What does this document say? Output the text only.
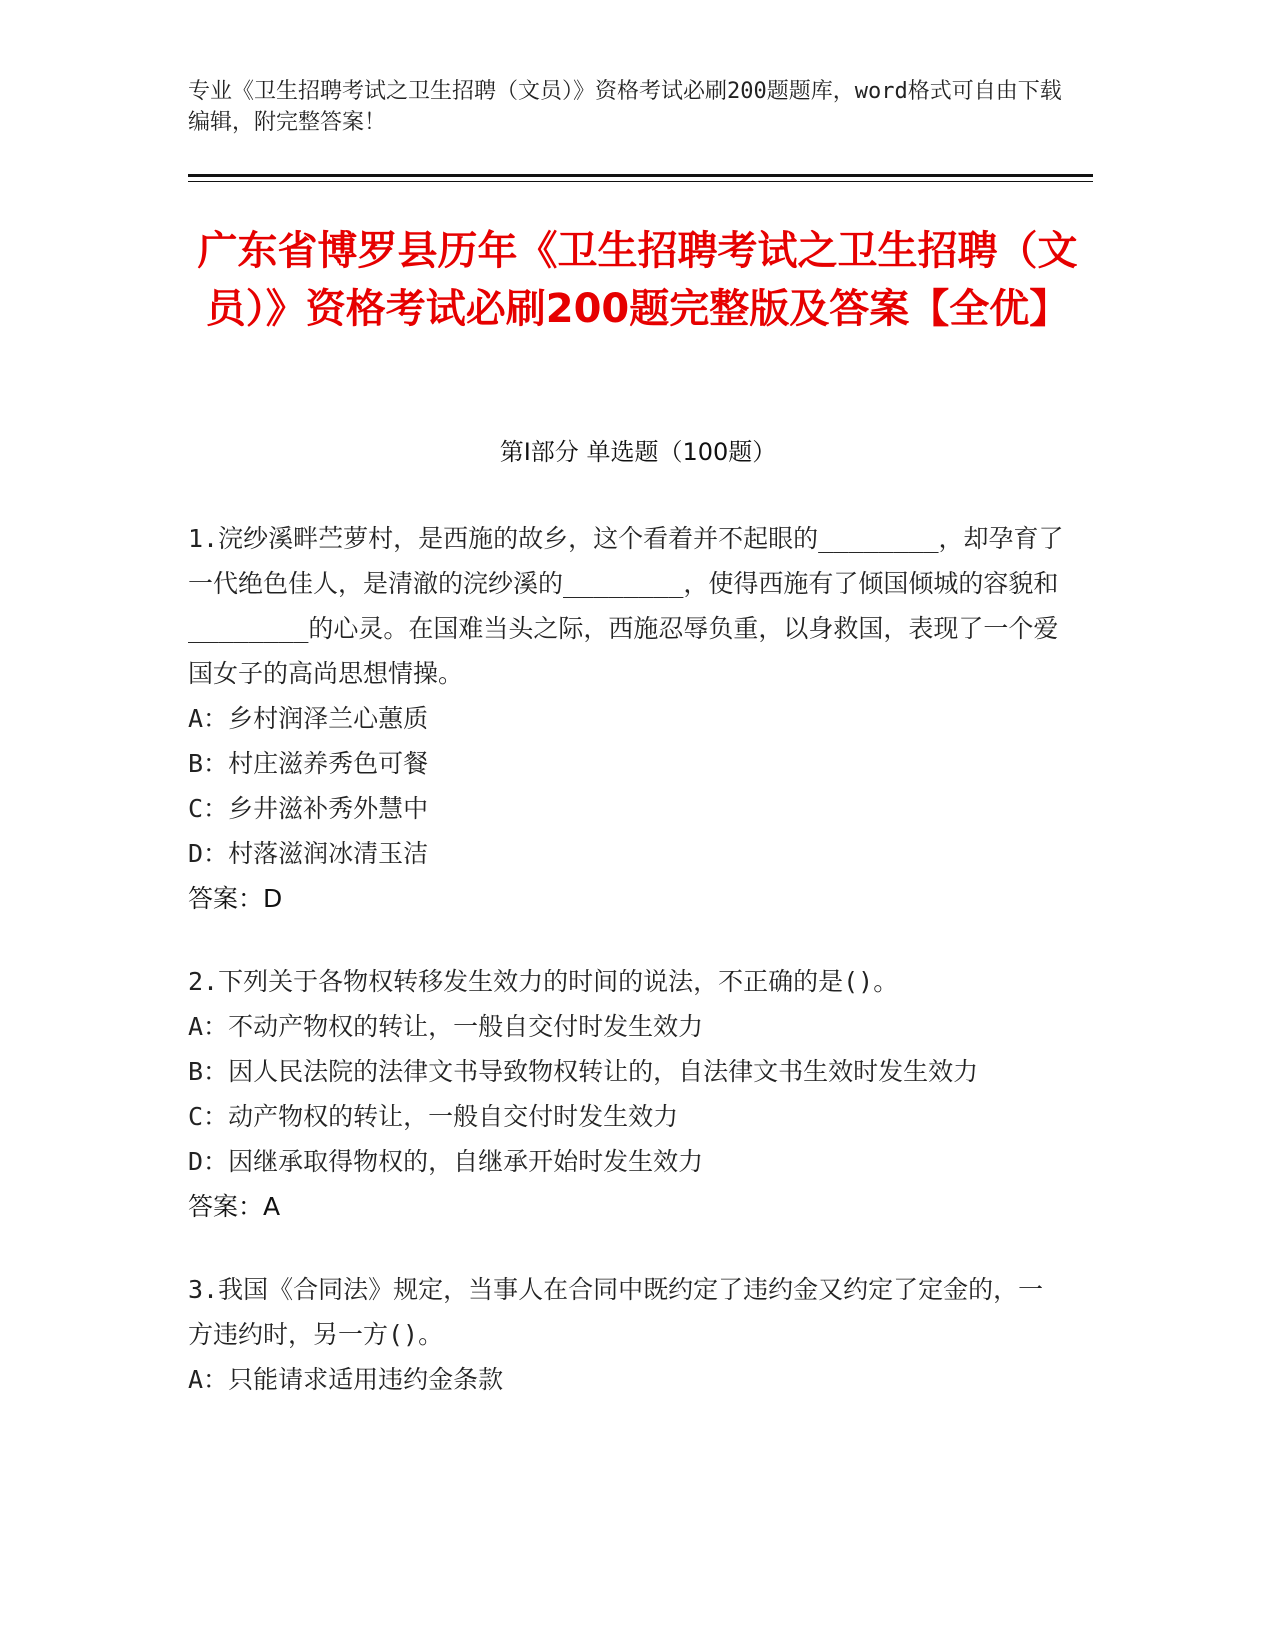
专业《卫生招聘考试之卫生招聘（文员）》资格考试必刷200题题库，word格式可自由下载编辑，附完整答案！
广东省博罗县历年《卫生招聘考试之卫生招聘（文员）》资格考试必刷200题完整版及答案【全优】
第Ⅰ部分 单选题（100题）
1.浣纱溪畔苎萝村，是西施的故乡，这个看着并不起眼的________，却孕育了一代绝色佳人，是清澈的浣纱溪的________，使得西施有了倾国倾城的容貌和________的心灵。在国难当头之际，西施忍辱负重，以身救国，表现了一个爱国女子的高尚思想情操。
A： 乡村润泽兰心蕙质
B： 村庄滋养秀色可餐
C： 乡井滋补秀外慧中
D： 村落滋润冰清玉洁
答案：D
2.下列关于各物权转移发生效力的时间的说法，不正确的是()。
A： 不动产物权的转让，一般自交付时发生效力
B： 因人民法院的法律文书导致物权转让的，自法律文书生效时发生效力
C： 动产物权的转让，一般自交付时发生效力
D： 因继承取得物权的，自继承开始时发生效力
答案：A
3.我国《合同法》规定，当事人在合同中既约定了违约金又约定了定金的，一方违约时，另一方()。
A： 只能请求适用违约金条款
